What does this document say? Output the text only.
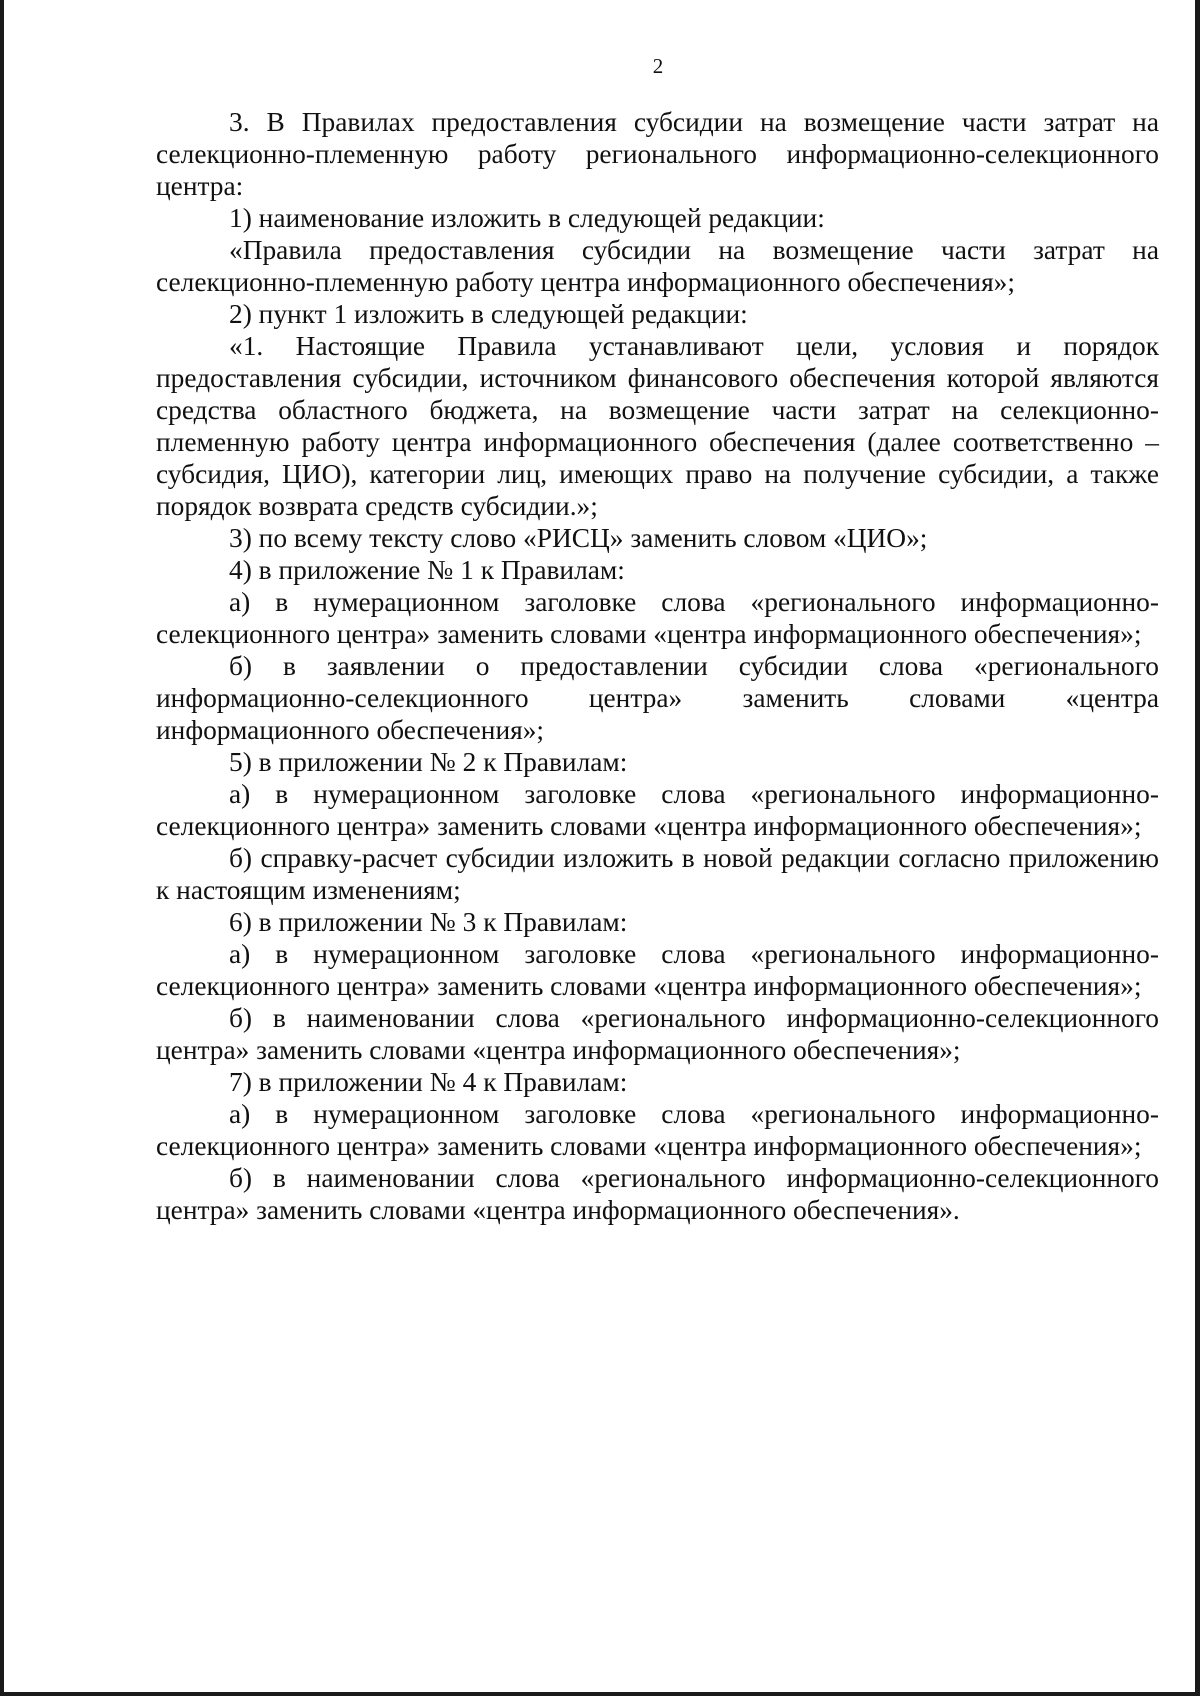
2

3. В Правилах предоставления субсидии на возмещение части затрат на селекционно-племенную работу регионального информационно-селекционного центра:

1) наименование изложить в следующей редакции:

«Правила предоставления субсидии на возмещение части затрат на селекционно-племенную работу центра информационного обеспечения»;

2) пункт 1 изложить в следующей редакции:

«1. Настоящие Правила устанавливают цели, условия и порядок предоставления субсидии, источником финансового обеспечения которой являются средства областного бюджета, на возмещение части затрат на селекционно-племенную работу центра информационного обеспечения (далее соответственно – субсидия, ЦИО), категории лиц, имеющих право на получение субсидии, а также порядок возврата средств субсидии.»;

3) по всему тексту слово «РИСЦ» заменить словом «ЦИО»;

4) в приложение № 1 к Правилам:

а) в нумерационном заголовке слова «регионального информационно-селекционного центра» заменить словами «центра информационного обеспечения»;

б) в заявлении о предоставлении субсидии слова «регионального информационно-селекционного центра» заменить словами «центра информационного обеспечения»;

5) в приложении № 2 к Правилам:

а) в нумерационном заголовке слова «регионального информационно-селекционного центра» заменить словами «центра информационного обеспечения»;

б) справку-расчет субсидии изложить в новой редакции согласно приложению к настоящим изменениям;

6) в приложении № 3 к Правилам:

а) в нумерационном заголовке слова «регионального информационно-селекционного центра» заменить словами «центра информационного обеспечения»;

б) в наименовании слова «регионального информационно-селекционного центра» заменить словами «центра информационного обеспечения»;

7) в приложении № 4 к Правилам:

а) в нумерационном заголовке слова «регионального информационно-селекционного центра» заменить словами «центра информационного обеспечения»;

б) в наименовании слова «регионального информационно-селекционного центра» заменить словами «центра информационного обеспечения».
